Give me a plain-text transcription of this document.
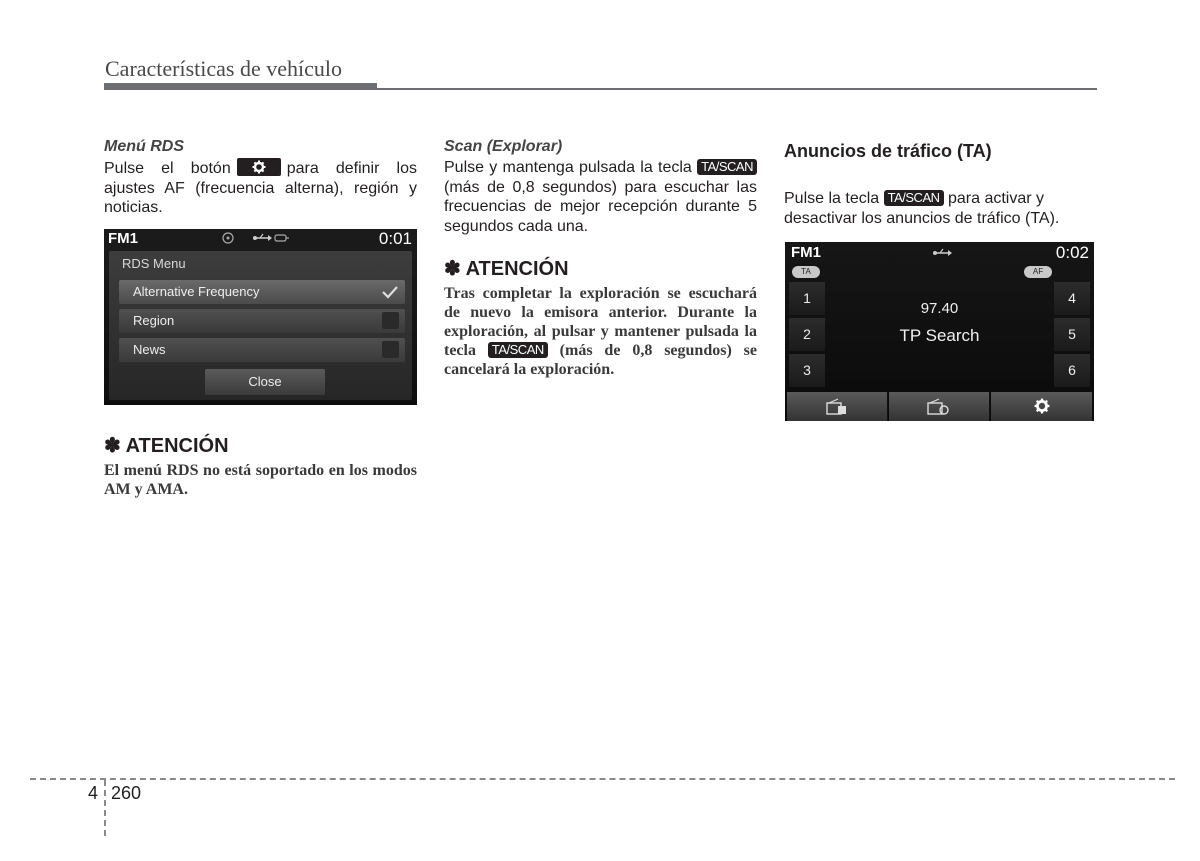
Características de vehículo

Menú RDS

Pulse el botón	para definir los ajustes AF (frecuencia alterna), región y noticias.

FM1	0:01
RDS Menu
Alternative Frequency
Region
News
Close

✽ ATENCIÓN

El menú RDS no está soportado en los modos AM y AMA.

Scan (Explorar)

Pulse y mantenga pulsada la tecla TA/SCAN (más de 0,8 segundos) para escuchar las frecuencias de mejor recepción durante 5 segundos cada una.

✽ ATENCIÓN

Tras completar la exploración se escuchará de nuevo la emisora anterior. Durante la exploración, al pulsar y mantener pulsada la tecla TA/SCAN (más de 0,8 segundos) se cancelará la exploración.

Anuncios de tráfico (TA)

Pulse la tecla TA/SCAN para activar y desactivar los anuncios de tráfico (TA).

FM1	0:02
TA	AF
1
2
3
4
5
6
97.40
TP Search
4 260
